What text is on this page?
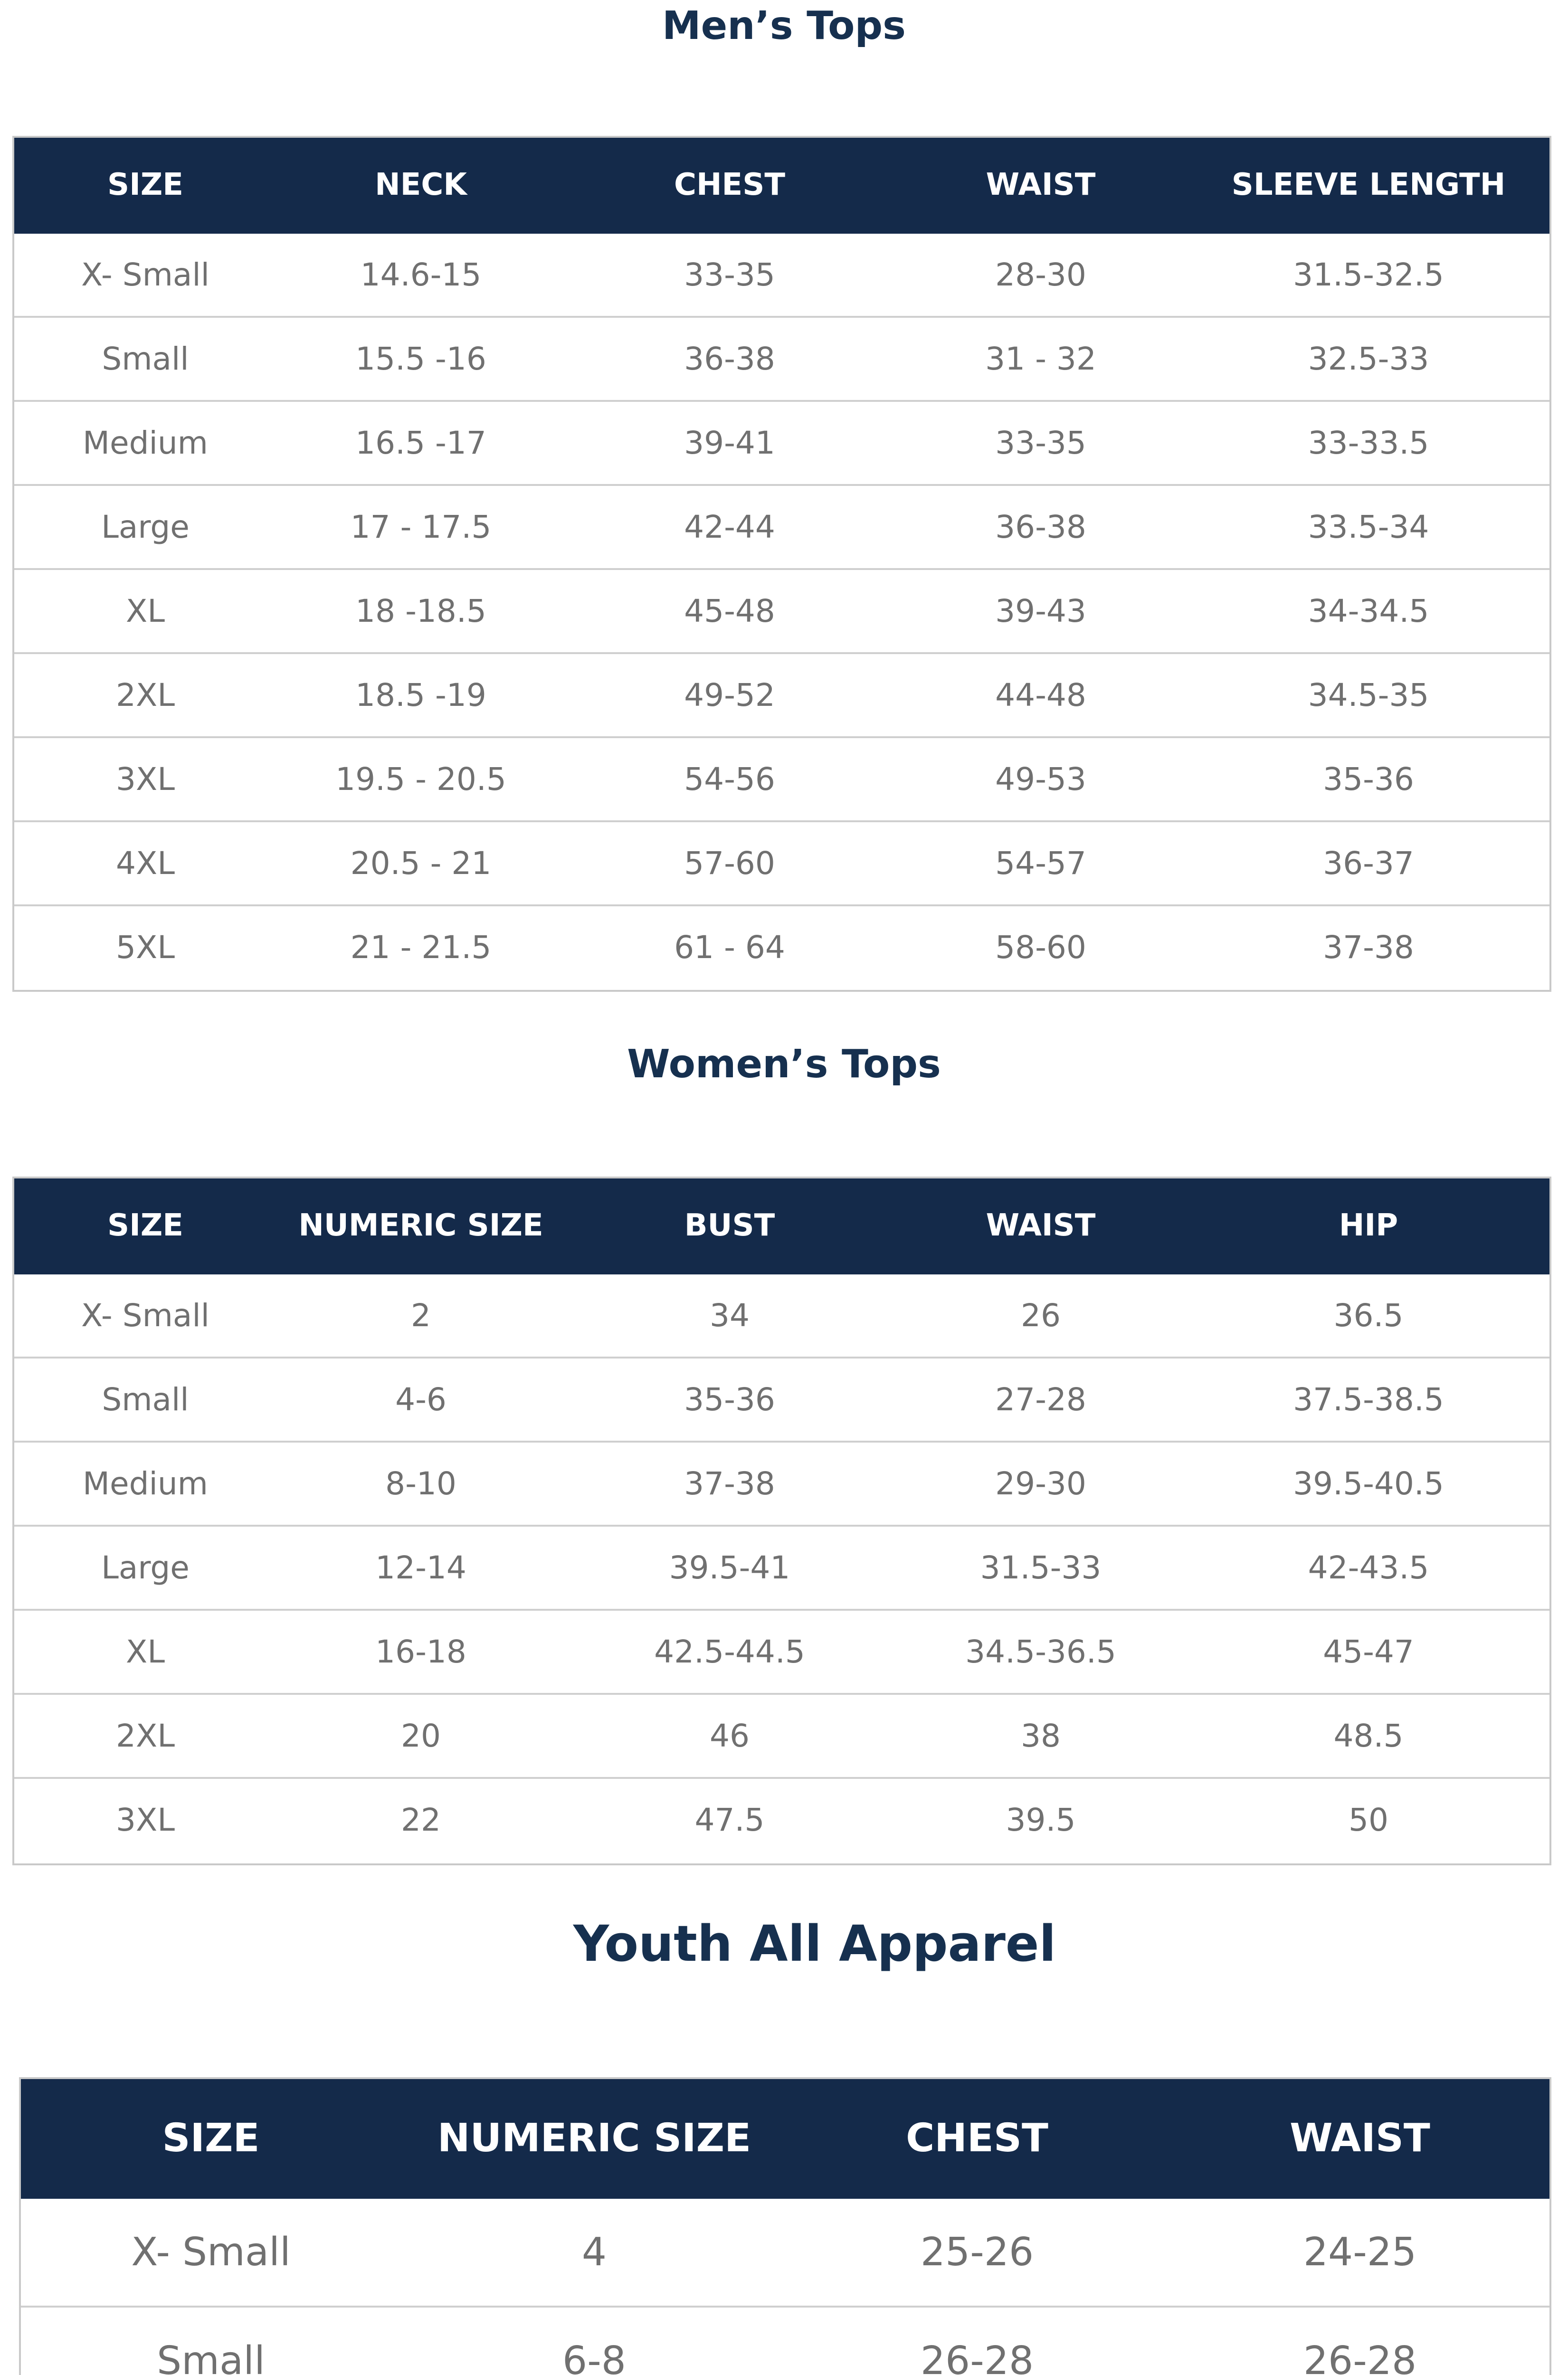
Men’s Tops
SIZE	NECK	CHEST	WAIST	SLEEVE LENGTH
X- Small	14.6-15	33-35	28-30	31.5-32.5
Small	15.5 -16	36-38	31 - 32	32.5-33
Medium	16.5 -17	39-41	33-35	33-33.5
Large	17 - 17.5	42-44	36-38	33.5-34
XL	18 -18.5	45-48	39-43	34-34.5
2XL	18.5 -19	49-52	44-48	34.5-35
3XL	19.5 - 20.5	54-56	49-53	35-36
4XL	20.5 - 21	57-60	54-57	36-37
5XL	21 - 21.5	61 - 64	58-60	37-38
Women’s Tops
SIZE	NUMERIC SIZE	BUST	WAIST	HIP
X- Small	2	34	26	36.5
Small	4-6	35-36	27-28	37.5-38.5
Medium	8-10	37-38	29-30	39.5-40.5
Large	12-14	39.5-41	31.5-33	42-43.5
XL	16-18	42.5-44.5	34.5-36.5	45-47
2XL	20	46	38	48.5
3XL	22	47.5	39.5	50
Youth All Apparel
SIZE	NUMERIC SIZE	CHEST	WAIST
X- Small	4	25-26	24-25
Small	6-8	26-28	26-28
